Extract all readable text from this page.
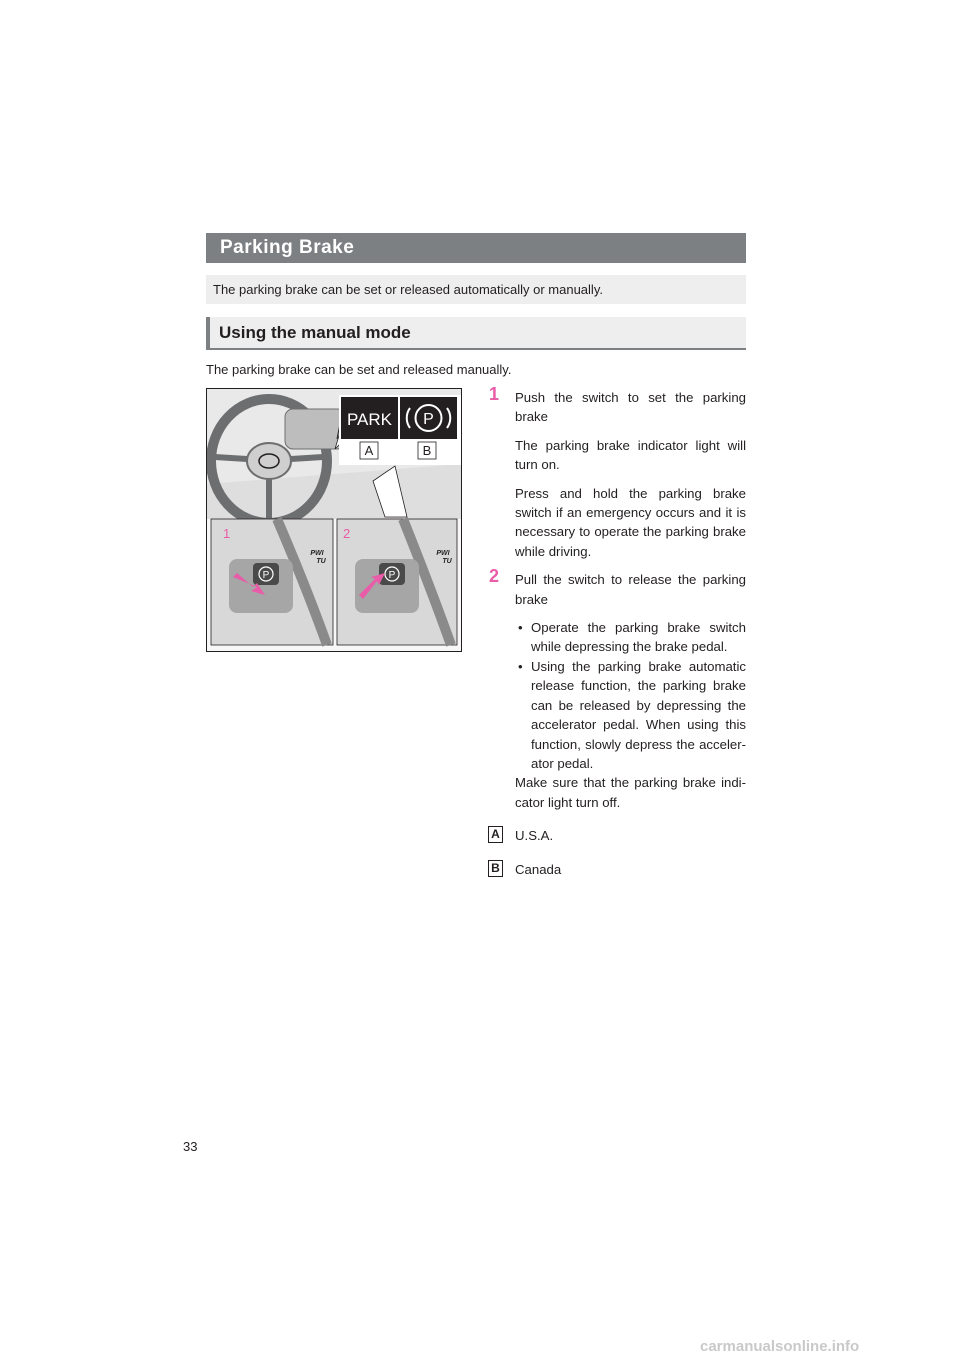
Parking Brake
The parking brake can be set or released automatically or manually.
Using the manual mode
The parking brake can be set and released manually.
PARK P
A	B
P	P
PWI
TU
PWI
TU
1	2
1 Push the switch to set the parking brake
The parking brake indicator light will turn on.
Press and hold the parking brake switch if an emergency occurs and it is necessary to operate the parking brake while driving.
2 Pull the switch to release the parking brake
• Operate the parking brake switch while depressing the brake pedal.
• Using the parking brake automatic release function, the parking brake can be released by depressing the accelerator pedal. When using this function, slowly depress the acceler-ator pedal.
Make sure that the parking brake indi-cator light turn off.
A U.S.A.
B Canada
33
carmanualsonline.info
